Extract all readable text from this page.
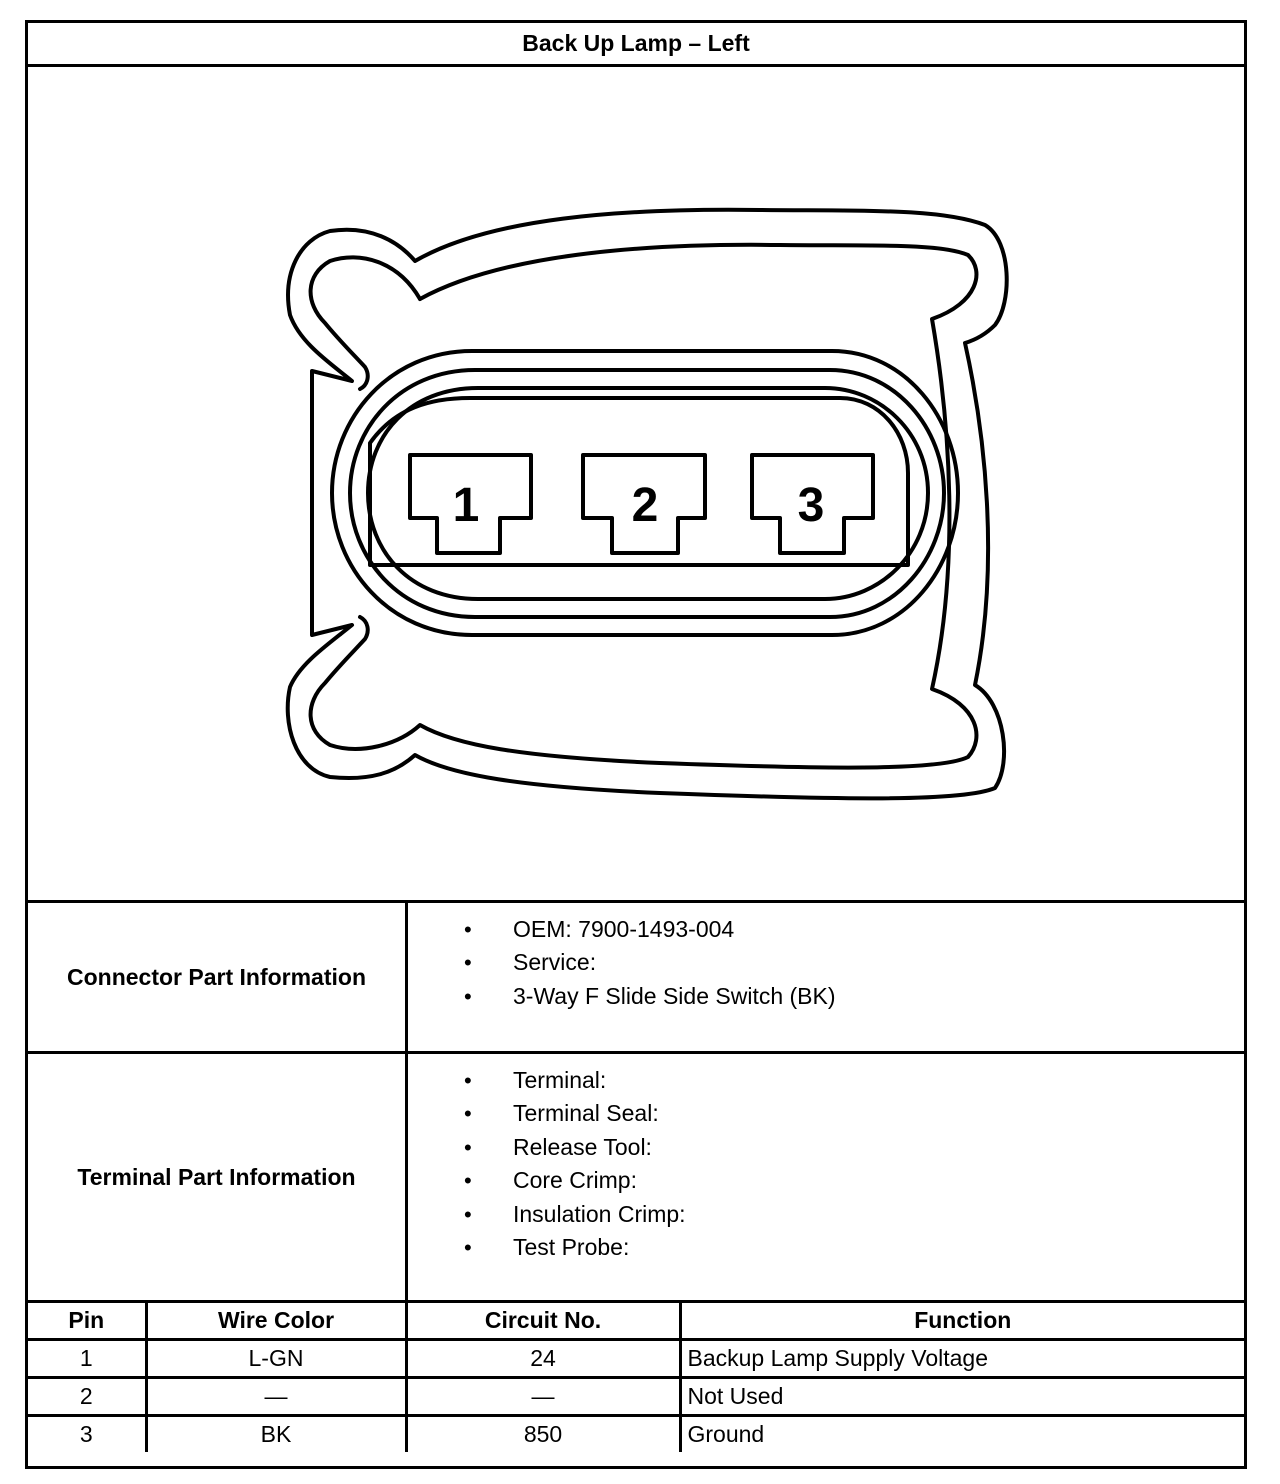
Back Up Lamp – Left
1	2	3
Connector Part Information
• OEM: 7900-1493-004
• Service:
• 3-Way F Slide Side Switch (BK)
Terminal Part Information
• Terminal:
• Terminal Seal:
• Release Tool:
• Core Crimp:
• Insulation Crimp:
• Test Probe:
Pin	Wire Color	Circuit No.	Function
1	L-GN	24	Backup Lamp Supply Voltage
2	—	—	Not Used
3	BK	850	Ground
